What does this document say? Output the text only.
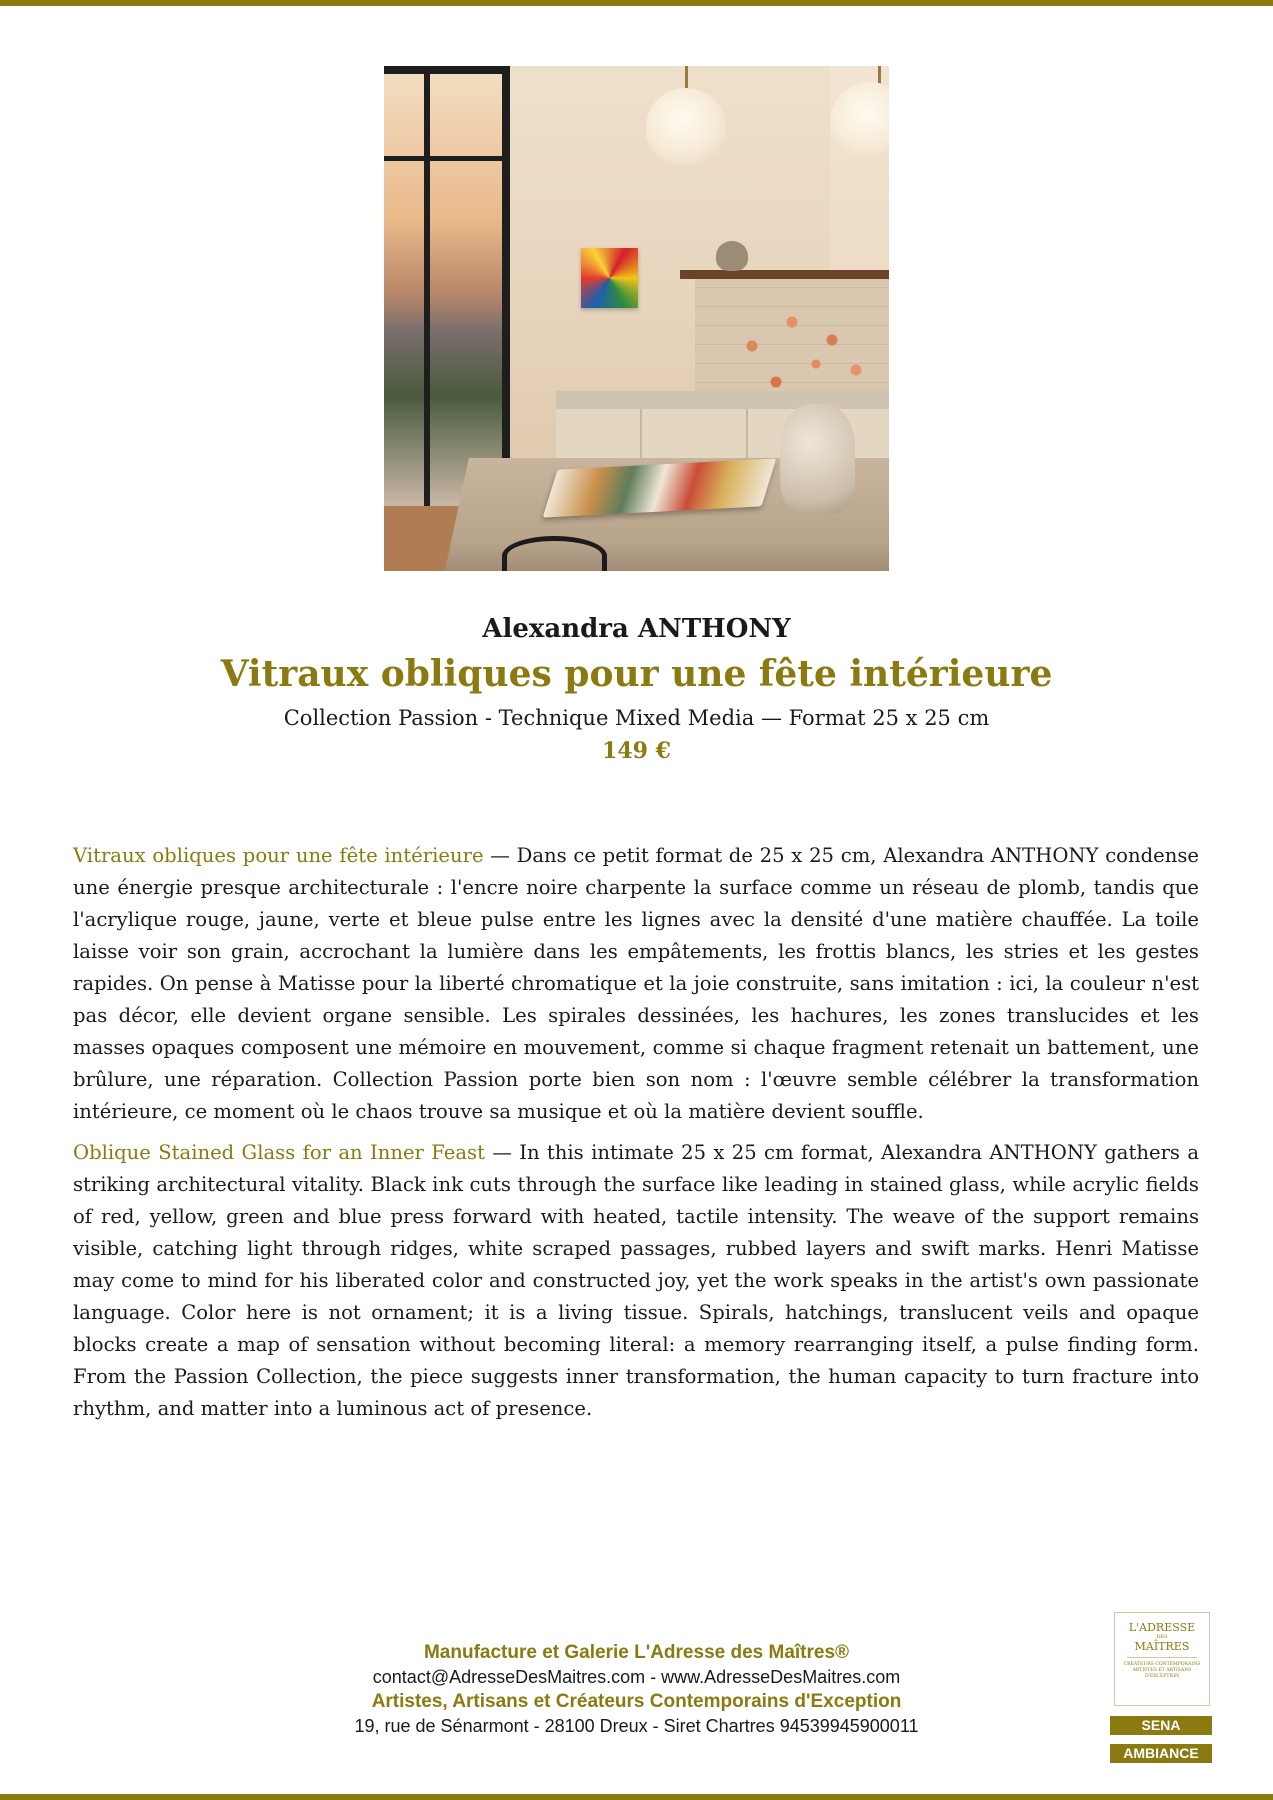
Alexandra ANTHONY
Vitraux obliques pour une fête intérieure
Collection Passion - Technique Mixed Media — Format 25 x 25 cm
149 €

Vitraux obliques pour une fête intérieure — Dans ce petit format de 25 x 25 cm, Alexandra ANTHONY condense une énergie presque architecturale : l'encre noire charpente la surface comme un réseau de plomb, tandis que l'acrylique rouge, jaune, verte et bleue pulse entre les lignes avec la densité d'une matière chauffée. La toile laisse voir son grain, accrochant la lumière dans les empâtements, les frottis blancs, les stries et les gestes rapides. On pense à Matisse pour la liberté chromatique et la joie construite, sans imitation : ici, la couleur n'est pas décor, elle devient organe sensible. Les spirales dessinées, les hachures, les zones translucides et les masses opaques composent une mémoire en mouvement, comme si chaque fragment retenait un battement, une brûlure, une réparation. Collection Passion porte bien son nom : l'œuvre semble célébrer la transformation intérieure, ce moment où le chaos trouve sa musique et où la matière devient souffle.

Oblique Stained Glass for an Inner Feast — In this intimate 25 x 25 cm format, Alexandra ANTHONY gathers a striking architectural vitality. Black ink cuts through the surface like leading in stained glass, while acrylic fields of red, yellow, green and blue press forward with heated, tactile intensity. The weave of the support remains visible, catching light through ridges, white scraped passages, rubbed layers and swift marks. Henri Matisse may come to mind for his liberated color and constructed joy, yet the work speaks in the artist's own passionate language. Color here is not ornament; it is a living tissue. Spirals, hatchings, translucent veils and opaque blocks create a map of sensation without becoming literal: a memory rearranging itself, a pulse finding form. From the Passion Collection, the piece suggests inner transformation, the human capacity to turn fracture into rhythm, and matter into a luminous act of presence.

Manufacture et Galerie L'Adresse des Maîtres®
contact@AdresseDesMaitres.com - www.AdresseDesMaitres.com
Artistes, Artisans et Créateurs Contemporains d'Exception
19, rue de Sénarmont - 28100 Dreux - Siret Chartres 94539945900011
L'ADRESSE
DES
MAÎTRES
CRÉATEURS CONTEMPORAINS ARTISTES ET ARTISANS D'EXCEPTION
SENA
AMBIANCE
